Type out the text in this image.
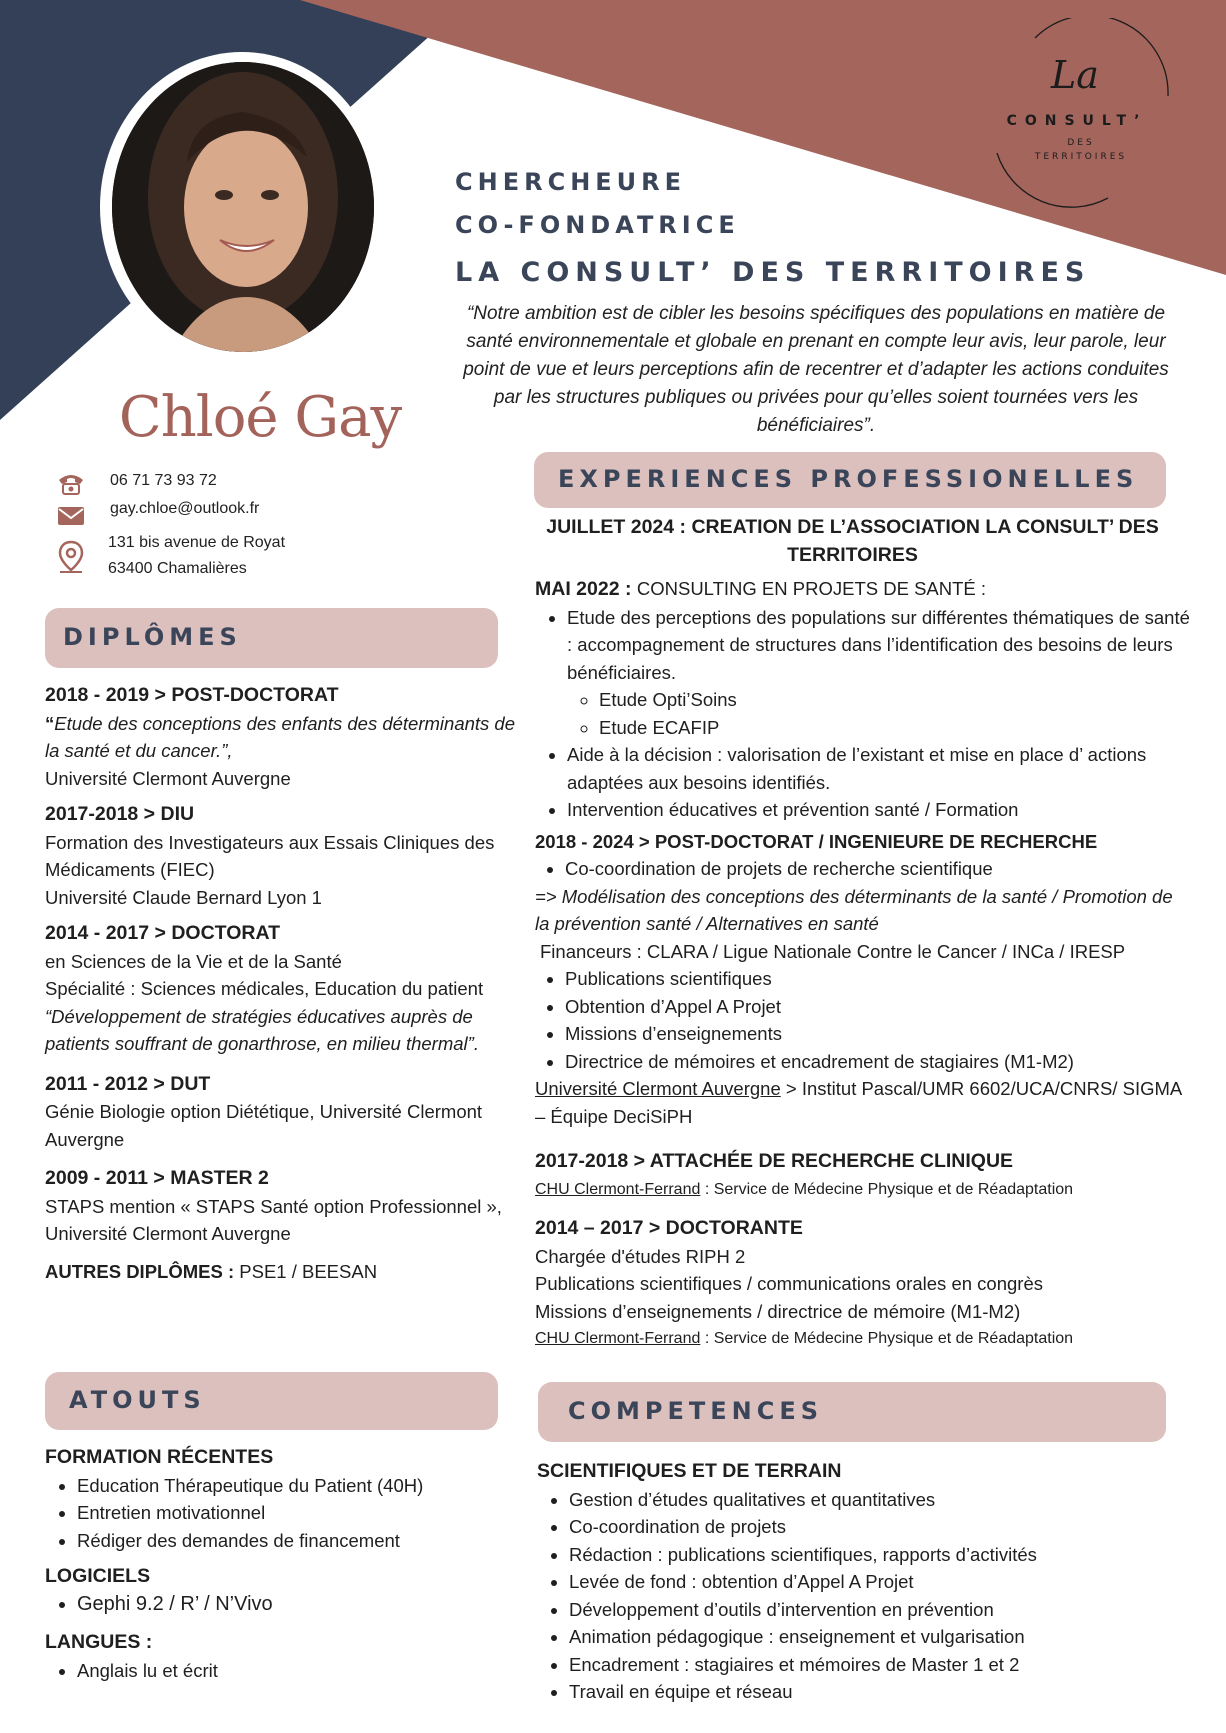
La
CONSULT’
DES
TERRITOIRES
Chloé Gay
CHERCHEURE
CO-FONDATRICE
LA CONSULT’ DES TERRITOIRES
“Notre ambition est de cibler les besoins spécifiques des populations en matière de santé environnementale et globale en prenant en compte leur avis, leur parole, leur point de vue et leurs perceptions afin de recentrer et d’adapter les actions conduites par les structures publiques ou privées pour qu’elles soient tournées vers les bénéficiaires”.
06 71 73 93 72
gay.chloe@outlook.fr
131 bis avenue de Royat
63400 Chamalières
DIPLÔMES
ATOUTS
EXPERIENCES PROFESSIONELLES
COMPETENCES

2018 - 2019 > POST-DOCTORAT

“Etude des conceptions des enfants des déterminants de la santé et du cancer.”,

Université Clermont Auvergne

2017-2018 > DIU

Formation des Investigateurs aux Essais Cliniques des Médicaments (FIEC)

Université Claude Bernard Lyon 1

2014 - 2017 > DOCTORAT

en Sciences de la Vie et de la Santé

Spécialité : Sciences médicales, Education du patient

“Développement de stratégies éducatives auprès de patients souffrant de gonarthrose, en milieu thermal”.

2011 - 2012 > DUT

Génie Biologie option Diététique, Université Clermont Auvergne

2009 - 2011 > MASTER 2

STAPS mention « STAPS Santé option Professionnel », Université Clermont Auvergne

AUTRES DIPLÔMES : PSE1 / BEESAN

FORMATION RÉCENTES

• Education Thérapeutique du Patient (40H)
• Entretien motivationnel
• Rédiger des demandes de financement

LOGICIELS

• Gephi 9.2 / R’ / N’Vivo

LANGUES :

• Anglais lu et écrit

JUILLET 2024 : CREATION DE L’ASSOCIATION LA CONSULT’ DES TERRITOIRES

MAI 2022 : CONSULTING EN PROJETS DE SANTÉ :

• Etude des perceptions des populations sur différentes thématiques de santé : accompagnement de structures dans l’identification des besoins de leurs bénéficiaires.
◦ Etude Opti’Soins
◦ Etude ECAFIP
• Aide à la décision : valorisation de l’existant et mise en place d’ actions adaptées aux besoins identifiés.
• Intervention éducatives et prévention santé / Formation

2018 - 2024 > POST-DOCTORAT / INGENIEURE DE RECHERCHE

• Co-coordination de projets de recherche scientifique

=> Modélisation des conceptions des déterminants de la santé / Promotion de la prévention santé / Alternatives en santé

Financeurs : CLARA / Ligue Nationale Contre le Cancer / INCa / IRESP

• Publications scientifiques
• Obtention d’Appel A Projet
• Missions d’enseignements
• Directrice de mémoires et encadrement de stagiaires (M1-M2)

Université Clermont Auvergne > Institut Pascal/UMR 6602/UCA/CNRS/ SIGMA – Équipe DeciSiPH

2017-2018 > ATTACHÉE DE RECHERCHE CLINIQUE

CHU Clermont-Ferrand : Service de Médecine Physique et de Réadaptation

2014 – 2017 > DOCTORANTE

Chargée d'études RIPH 2

Publications scientifiques / communications orales en congrès

Missions d’enseignements / directrice de mémoire (M1-M2)

CHU Clermont-Ferrand : Service de Médecine Physique et de Réadaptation

SCIENTIFIQUES ET DE TERRAIN

• Gestion d’études qualitatives et quantitatives
• Co-coordination de projets
• Rédaction : publications scientifiques, rapports d’activités
• Levée de fond : obtention d’Appel A Projet
• Développement d’outils d’intervention en prévention
• Animation pédagogique : enseignement et vulgarisation
• Encadrement : stagiaires et mémoires de Master 1 et 2
• Travail en équipe et réseau
